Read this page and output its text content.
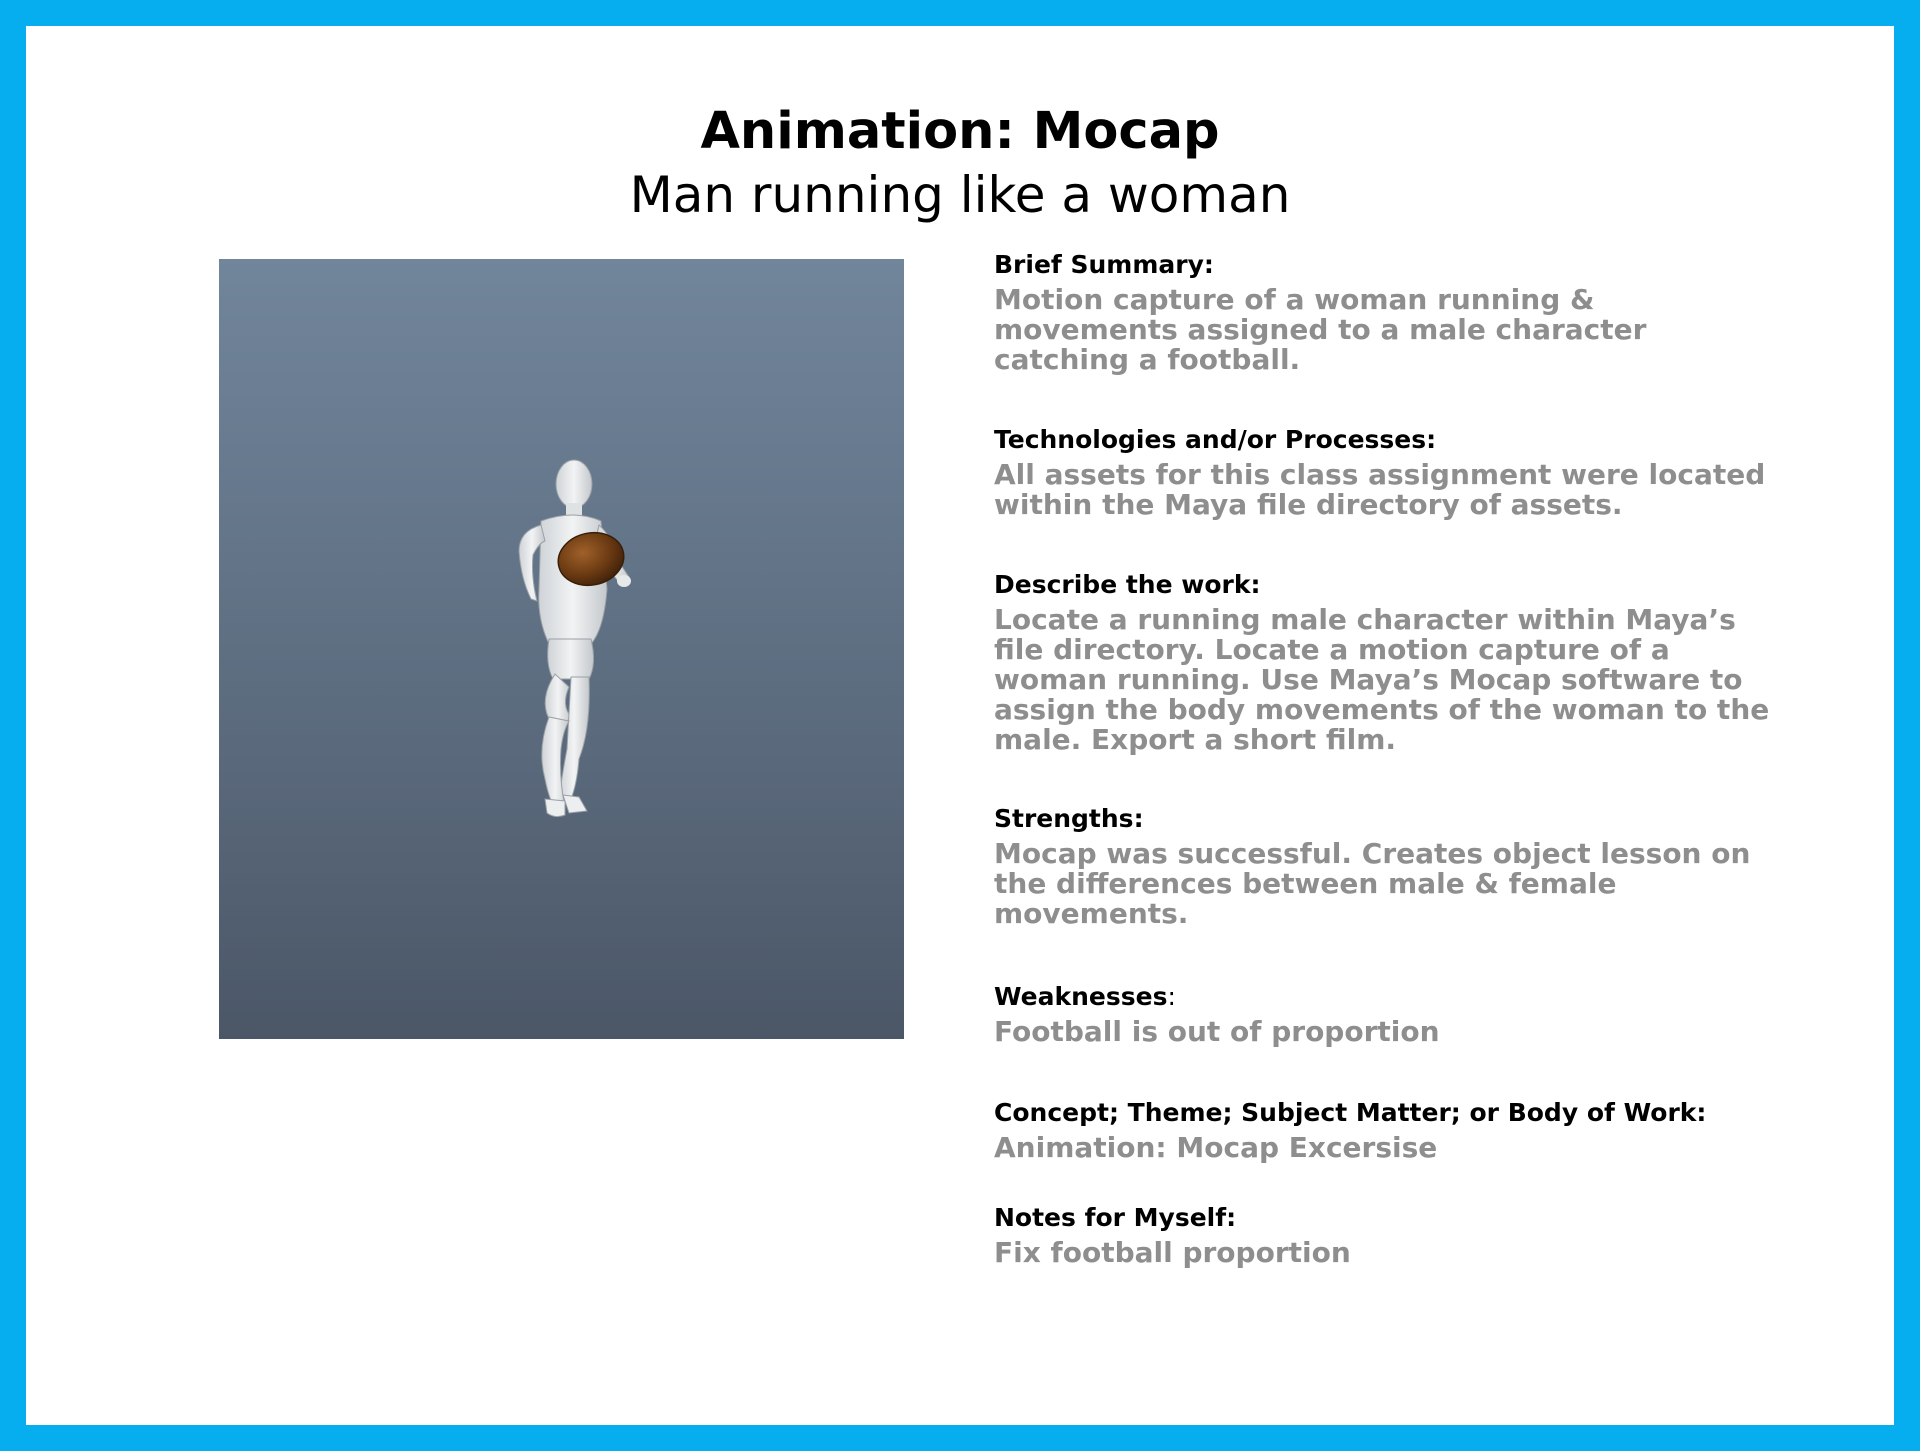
Animation: Mocap
Man running like a woman
Brief Summary:
Motion capture of a woman running & movements assigned to a male character catching a football.
Technologies and/or Processes:
All assets for this class assignment were located within the Maya file directory of assets.
Describe the work:
Locate a running male character within Maya’s file directory. Locate a motion capture of a woman running. Use Maya’s Mocap software to assign the body movements of the woman to the male. Export a short film.
Strengths:
Mocap was successful. Creates object lesson on the differences between male & female movements.
Weaknesses:
Football is out of proportion
Concept; Theme; Subject Matter; or Body of Work:
Animation: Mocap Excersise
Notes for Myself:
Fix football proportion
